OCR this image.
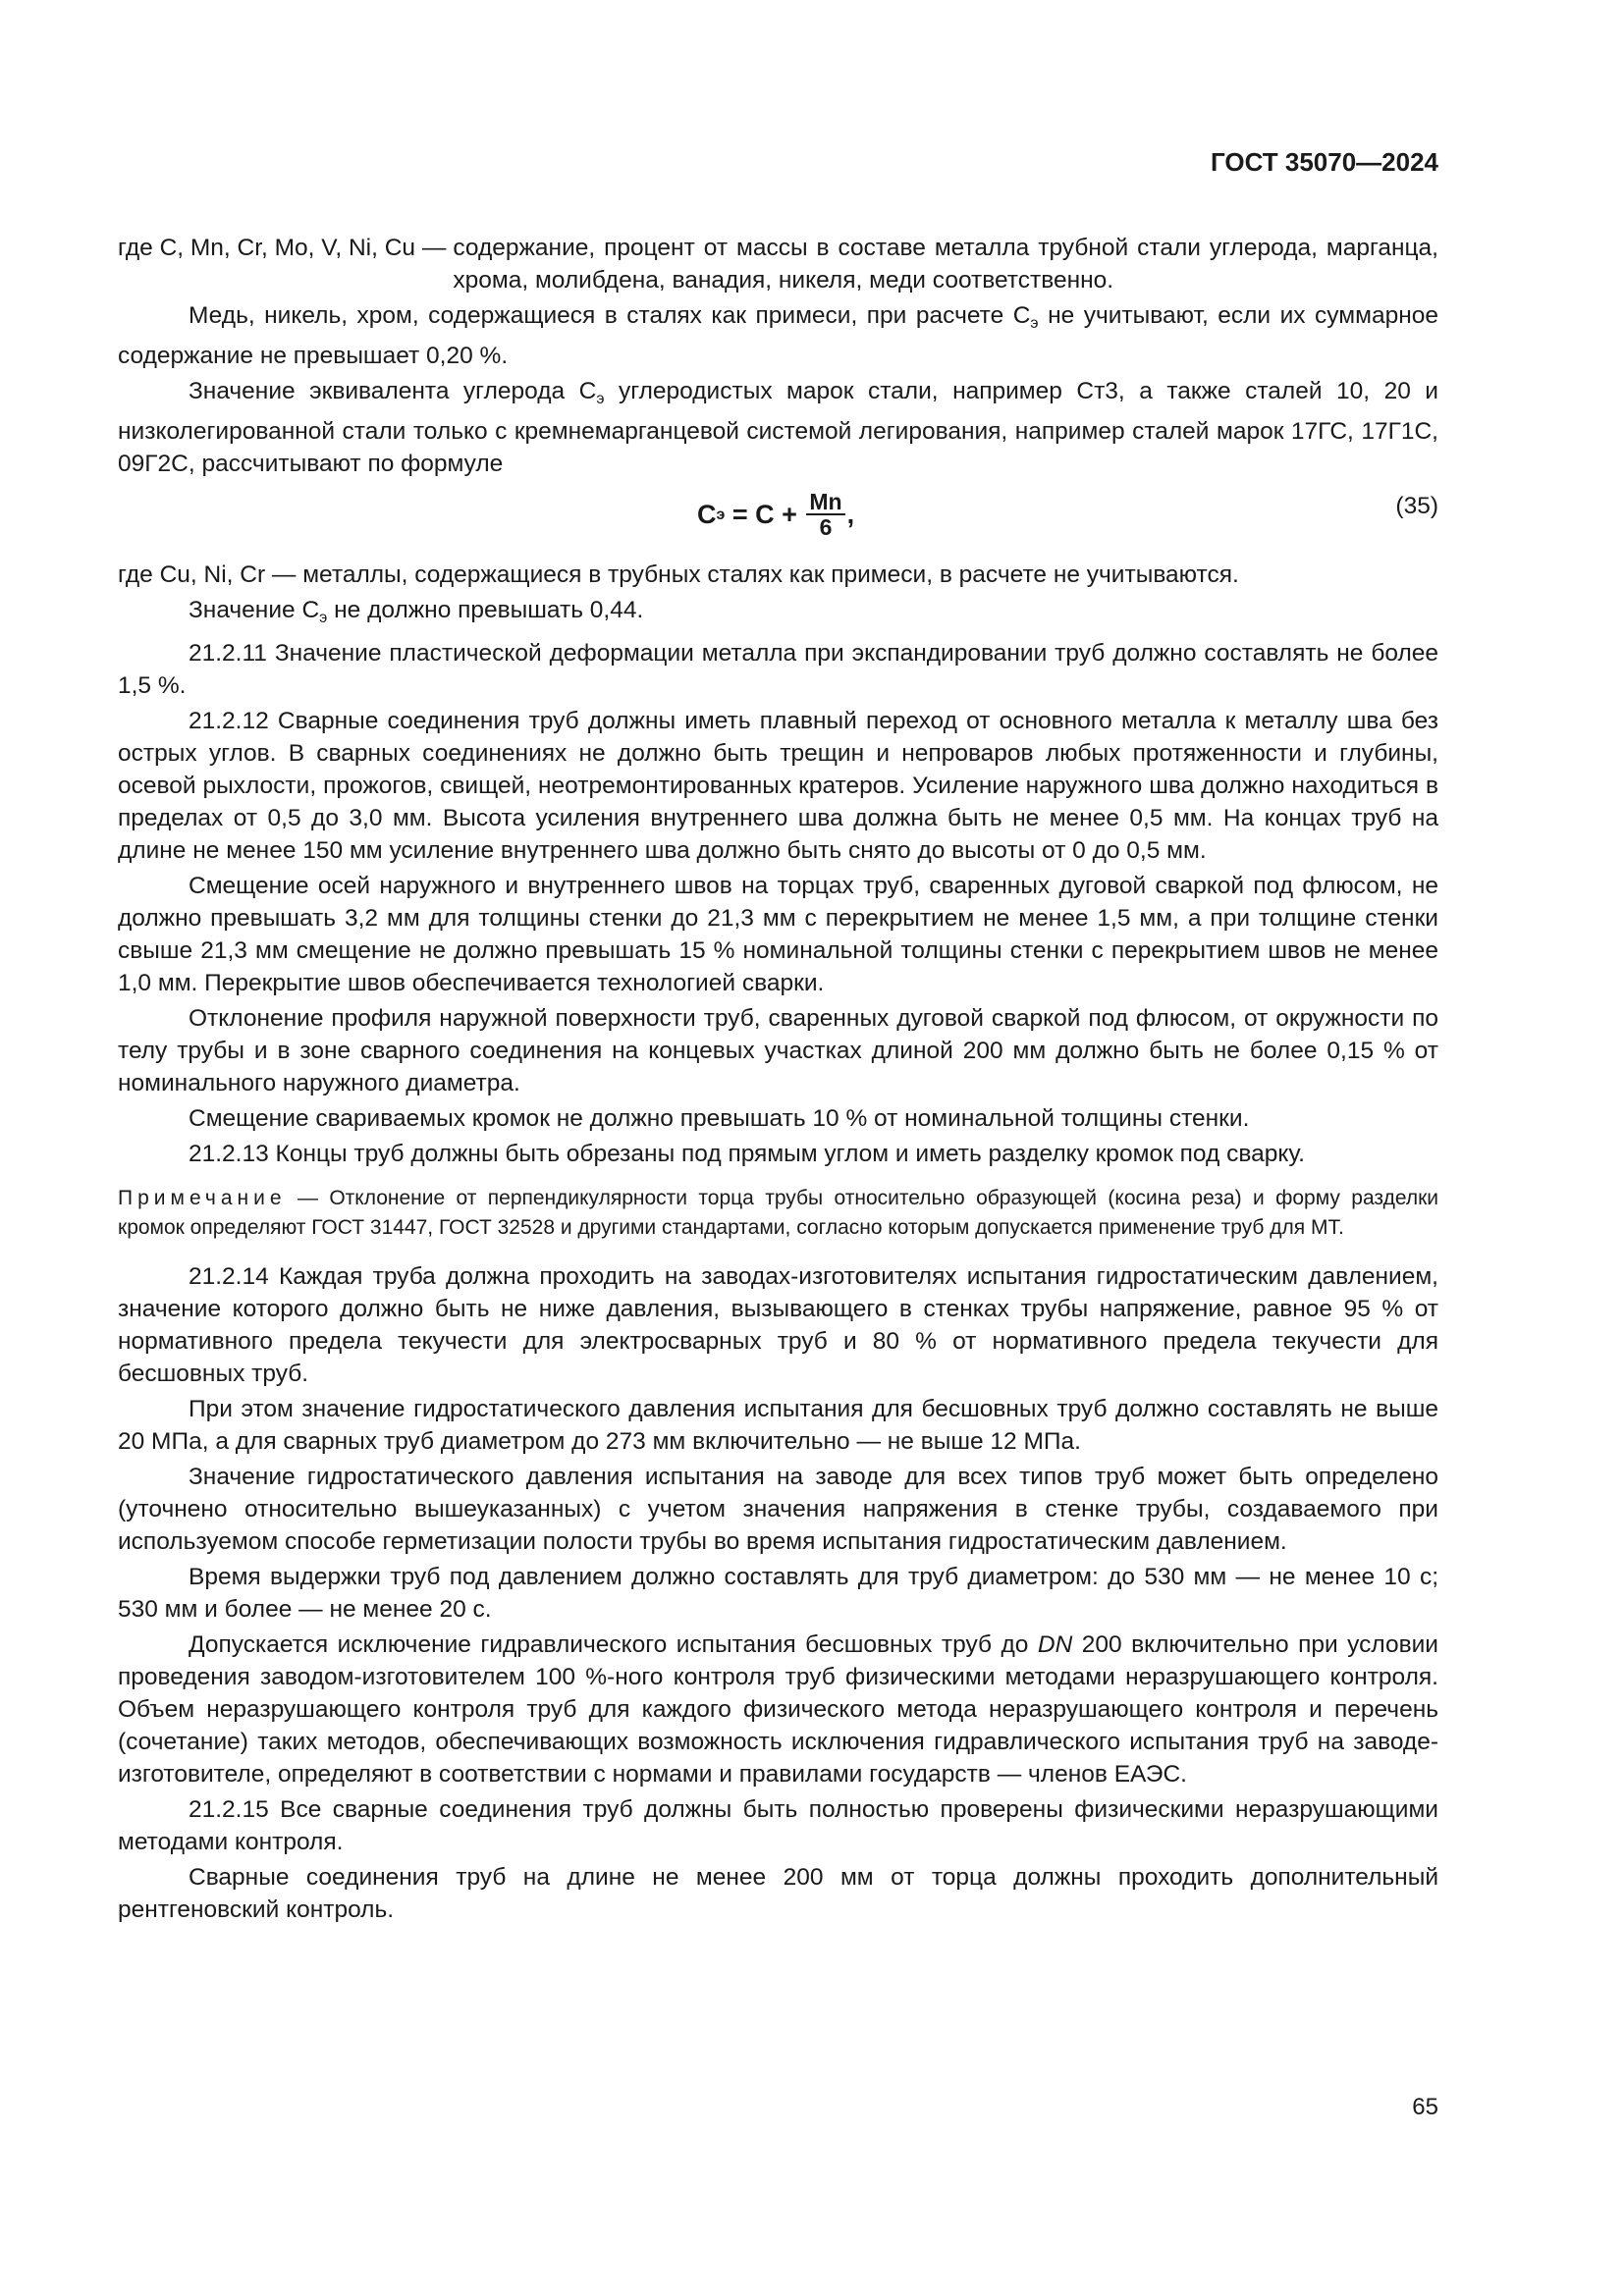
ГОСТ 35070—2024
где C, Mn, Cr, Mo, V, Ni, Cu — содержание, процент от массы в составе металла трубной стали углерода, марганца, хрома, молибдена, ванадия, никеля, меди соответственно.

Медь, никель, хром, содержащиеся в сталях как примеси, при расчете $С_э$ не учитывают, если их суммарное содержание не превышает 0,20 %.

Значение эквивалента углерода $С_э$ углеродистых марок стали, например Ст3, а также сталей 10, 20 и низколегированной стали только с кремнемарганцевой системой легирования, например сталей марок 17ГС, 17Г1С, 09Г2С, рассчитывают по формуле

С $э = С + \frac{Mn}{6}$ ,	(35)

где Cu, Ni, Cr — металлы, содержащиеся в трубных сталях как примеси, в расчете не учитываются.

Значение $С_э$ не должно превышать 0,44.

21.2.11 Значение пластической деформации металла при экспандировании труб должно составлять не более 1,5 %.

21.2.12 Сварные соединения труб должны иметь плавный переход от основного металла к металлу шва без острых углов. В сварных соединениях не должно быть трещин и непроваров любых протяженности и глубины, осевой рыхлости, прожогов, свищей, неотремонтированных кратеров. Усиление наружного шва должно находиться в пределах от 0,5 до 3,0 мм. Высота усиления внутреннего шва должна быть не менее 0,5 мм. На концах труб на длине не менее 150 мм усиление внутреннего шва должно быть снято до высоты от 0 до 0,5 мм.

Смещение осей наружного и внутреннего швов на торцах труб, сваренных дуговой сваркой под флюсом, не должно превышать 3,2 мм для толщины стенки до 21,3 мм с перекрытием не менее 1,5 мм, а при толщине стенки свыше 21,3 мм смещение не должно превышать 15 % номинальной толщины стенки с перекрытием швов не менее 1,0 мм. Перекрытие швов обеспечивается технологией сварки.

Отклонение профиля наружной поверхности труб, сваренных дуговой сваркой под флюсом, от окружности по телу трубы и в зоне сварного соединения на концевых участках длиной 200 мм должно быть не более 0,15 % от номинального наружного диаметра.

Смещение свариваемых кромок не должно превышать 10 % от номинальной толщины стенки.

21.2.13 Концы труб должны быть обрезаны под прямым углом и иметь разделку кромок под сварку.

Примечание — Отклонение от перпендикулярности торца трубы относительно образующей (косина реза) и форму разделки кромок определяют ГОСТ 31447, ГОСТ 32528 и другими стандартами, согласно которым допускается применение труб для МТ.

21.2.14 Каждая труба должна проходить на заводах-изготовителях испытания гидростатическим давлением, значение которого должно быть не ниже давления, вызывающего в стенках трубы напряжение, равное 95 % от нормативного предела текучести для электросварных труб и 80 % от нормативного предела текучести для бесшовных труб.

При этом значение гидростатического давления испытания для бесшовных труб должно составлять не выше 20 МПа, а для сварных труб диаметром до 273 мм включительно — не выше 12 МПа.

Значение гидростатического давления испытания на заводе для всех типов труб может быть определено (уточнено относительно вышеуказанных) с учетом значения напряжения в стенке трубы, создаваемого при используемом способе герметизации полости трубы во время испытания гидростатическим давлением.

Время выдержки труб под давлением должно составлять для труб диаметром: до 530 мм — не менее 10 с; 530 мм и более — не менее 20 с.

Допускается исключение гидравлического испытания бесшовных труб до DN 200 включительно при условии проведения заводом-изготовителем 100 %-ного контроля труб физическими методами неразрушающего контроля. Объем неразрушающего контроля труб для каждого физического метода неразрушающего контроля и перечень (сочетание) таких методов, обеспечивающих возможность исключения гидравлического испытания труб на заводе-изготовителе, определяют в соответствии с нормами и правилами государств — членов ЕАЭС.

21.2.15 Все сварные соединения труб должны быть полностью проверены физическими неразрушающими методами контроля.

Сварные соединения труб на длине не менее 200 мм от торца должны проходить дополнительный рентгеновский контроль.

65
